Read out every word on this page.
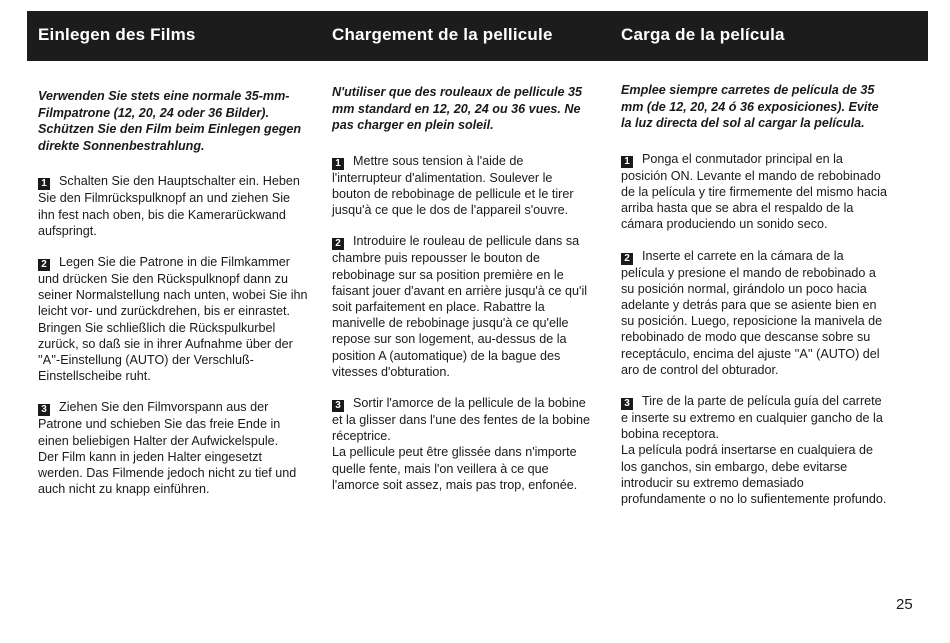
Einlegen des Films	Chargement de la pellicule	Carga de la película

Verwenden Sie stets eine normale 35-mm-Filmpatrone (12, 20, 24 oder 36 Bilder). Schützen Sie den Film beim Einlegen gegen direkte Sonnenbestrahlung.

1 Schalten Sie den Hauptschalter ein. Heben Sie den Filmrückspulknopf an und ziehen Sie ihn fest nach oben, bis die Kamerarückwand aufspringt.

2 Legen Sie die Patrone in die Filmkammer und drücken Sie den Rückspulknopf dann zu seiner Normalstellung nach unten, wobei Sie ihn leicht vor- und zurückdrehen, bis er einrastet. Bringen Sie schließlich die Rückspulkurbel zurück, so daß sie in ihrer Aufnahme über der ''A''-Einstellung (AUTO) der Verschluß-Einstellscheibe ruht.

3 Ziehen Sie den Filmvorspann aus der Patrone und schieben Sie das freie Ende in einen beliebigen Halter der Aufwickelspule.

Der Film kann in jeden Halter eingesetzt werden. Das Filmende jedoch nicht zu tief und auch nicht zu knapp einführen.

N'utiliser que des rouleaux de pellicule 35 mm standard en 12, 20, 24 ou 36 vues. Ne pas charger en plein soleil.

1 Mettre sous tension à l'aide de l'interrupteur d'alimentation. Soulever le bouton de rebobinage de pellicule et le tirer jusqu'à ce que le dos de l'appareil s'ouvre.

2 Introduire le rouleau de pellicule dans sa chambre puis repousser le bouton de rebobinage sur sa position première en le faisant jouer d'avant en arrière jusqu'à ce qu'il soit parfaitement en place. Rabattre la manivelle de rebobinage jusqu'à ce qu'elle repose sur son logement, au-dessus de la position A (automatique) de la bague des vitesses d'obturation.

3 Sortir l'amorce de la pellicule de la bobine et la glisser dans l'une des fentes de la bobine réceptrice.

La pellicule peut être glissée dans n'importe quelle fente, mais l'on veillera à ce que l'amorce soit assez, mais pas trop, enfonée.

Emplee siempre carretes de película de 35 mm (de 12, 20, 24 ó 36 exposiciones). Evite la luz directa del sol al cargar la película.

1 Ponga el conmutador principal en la posición ON. Levante el mando de rebobinado de la película y tire firmemente del mismo hacia arriba hasta que se abra el respaldo de la cámara produciendo un sonido seco.

2 Inserte el carrete en la cámara de la película y presione el mando de rebobinado a su posición normal, girándolo un poco hacia adelante y detrás para que se asiente bien en su posición. Luego, reposicione la manivela de rebobinado de modo que descanse sobre su receptáculo, encima del ajuste ''A'' (AUTO) del aro de control del obturador.

3 Tire de la parte de película guía del carrete e inserte su extremo en cualquier gancho de la bobina receptora.

La película podrá insertarse en cualquiera de los ganchos, sin embargo, debe evitarse introducir su extremo demasiado profundamente o no lo sufientemente profundo.

25
